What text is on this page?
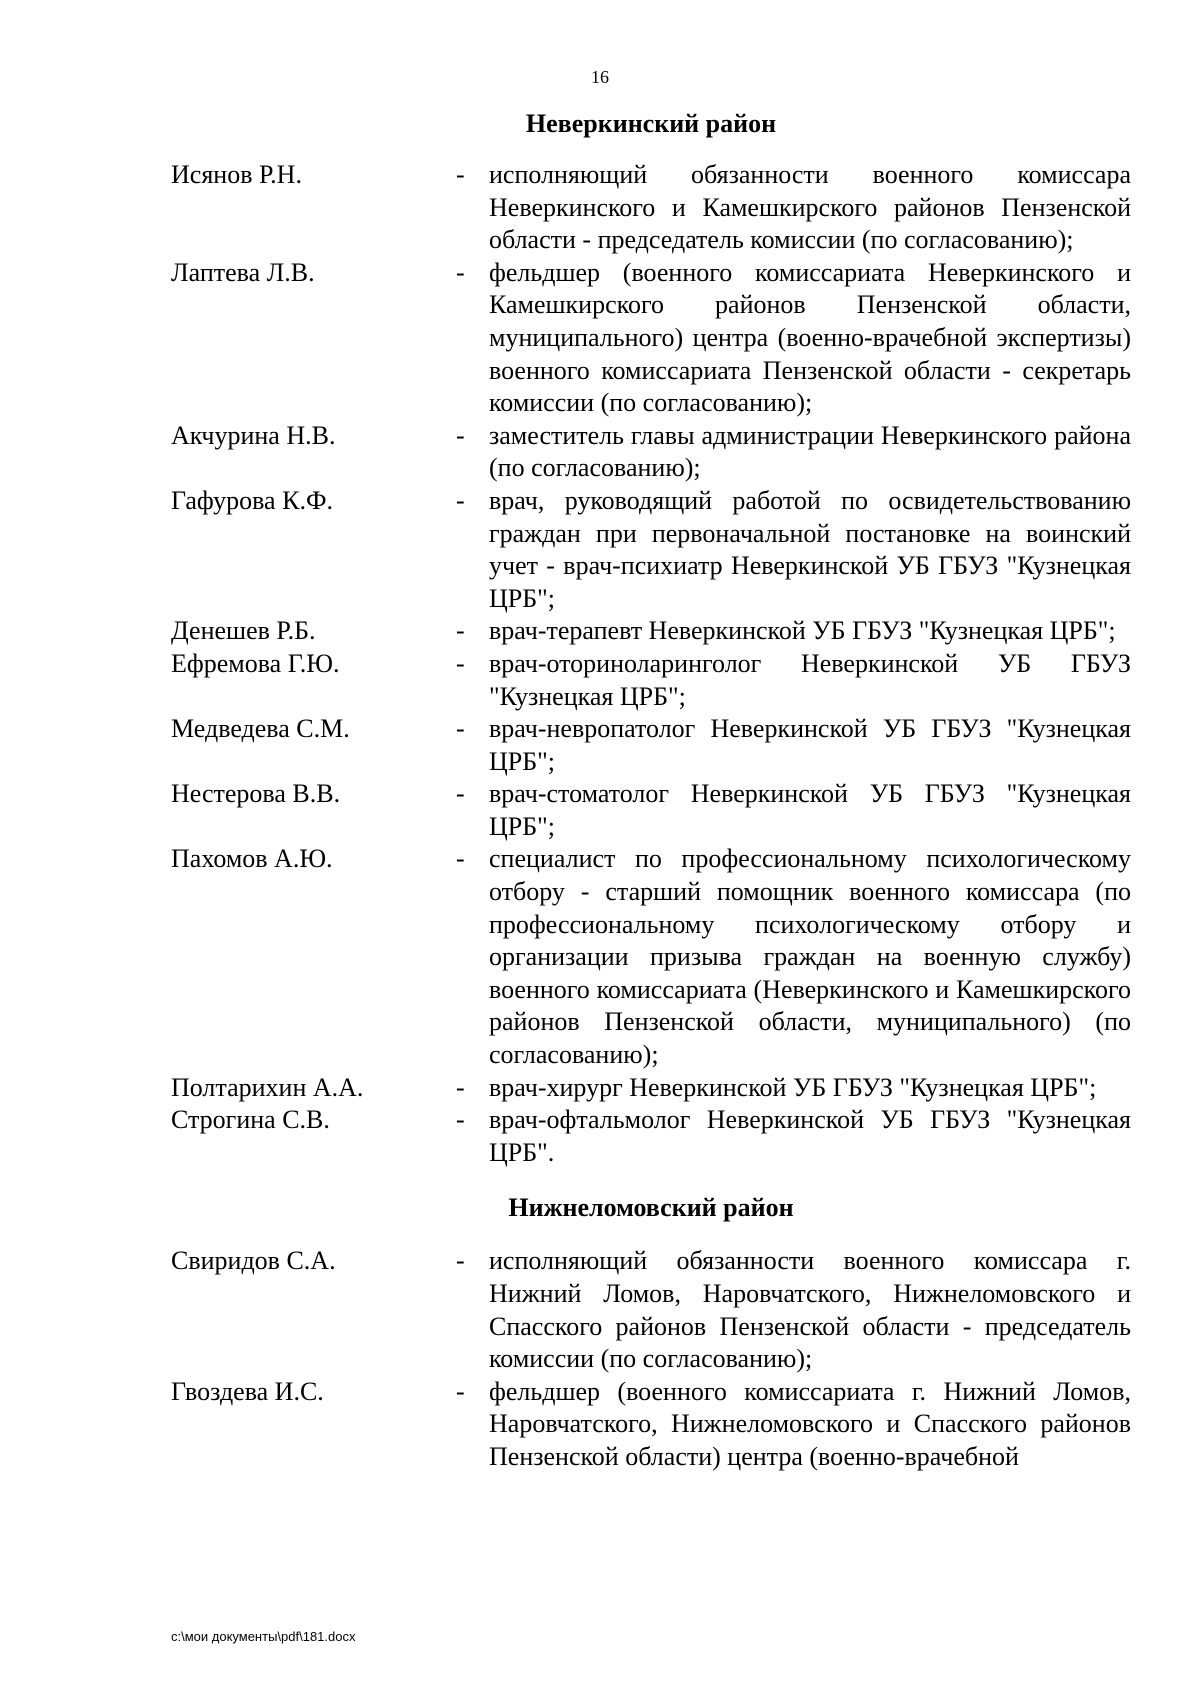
16
Неверкинский район
Исянов Р.Н.	- исполняющий обязанности военного комиссара Неверкинского и Камешкирского районов Пензенской области - председатель комиссии (по согласованию);
Лаптева Л.В.	- фельдшер (военного комиссариата Неверкинского и Камешкирского районов Пензенской области, муниципального) центра (военно-врачебной экспертизы) военного комиссариата Пензенской области - секретарь комиссии (по согласованию);
Акчурина Н.В.	- заместитель главы администрации Неверкинского района (по согласованию);
Гафурова К.Ф.	- врач, руководящий работой по освидетельствованию граждан при первоначальной постановке на воинский учет - врач-психиатр Неверкинской УБ ГБУЗ "Кузнецкая ЦРБ";
Денешев Р.Б.	- врач-терапевт Неверкинской УБ ГБУЗ "Кузнецкая ЦРБ";
Ефремова Г.Ю.	- врач-оториноларинголог Неверкинской УБ ГБУЗ "Кузнецкая ЦРБ";
Медведева С.М.	- врач-невропатолог Неверкинской УБ ГБУЗ "Кузнецкая ЦРБ";
Нестерова В.В.	- врач-стоматолог Неверкинской УБ ГБУЗ "Кузнецкая ЦРБ";
Пахомов А.Ю.	- специалист по профессиональному психологическому отбору - старший помощник военного комиссара (по профессиональному психологическому отбору и организации призыва граждан на военную службу) военного комиссариата (Неверкинского и Камешкирского районов Пензенской области, муниципального) (по согласованию);
Полтарихин А.А.	- врач-хирург Неверкинской УБ ГБУЗ "Кузнецкая ЦРБ";
Строгина С.В.	- врач-офтальмолог Неверкинской УБ ГБУЗ "Кузнецкая ЦРБ".
Нижнеломовский район
Свиридов С.А.	- исполняющий обязанности военного комиссара г. Нижний Ломов, Наровчатского, Нижнеломовского и Спасского районов Пензенской области - председатель комиссии (по согласованию);
Гвоздева И.С.	- фельдшер (военного комиссариата г. Нижний Ломов, Наровчатского, Нижнеломовского и Спасского районов Пензенской области) центра (военно-врачебной
c:\мои документы\pdf\181.docx
